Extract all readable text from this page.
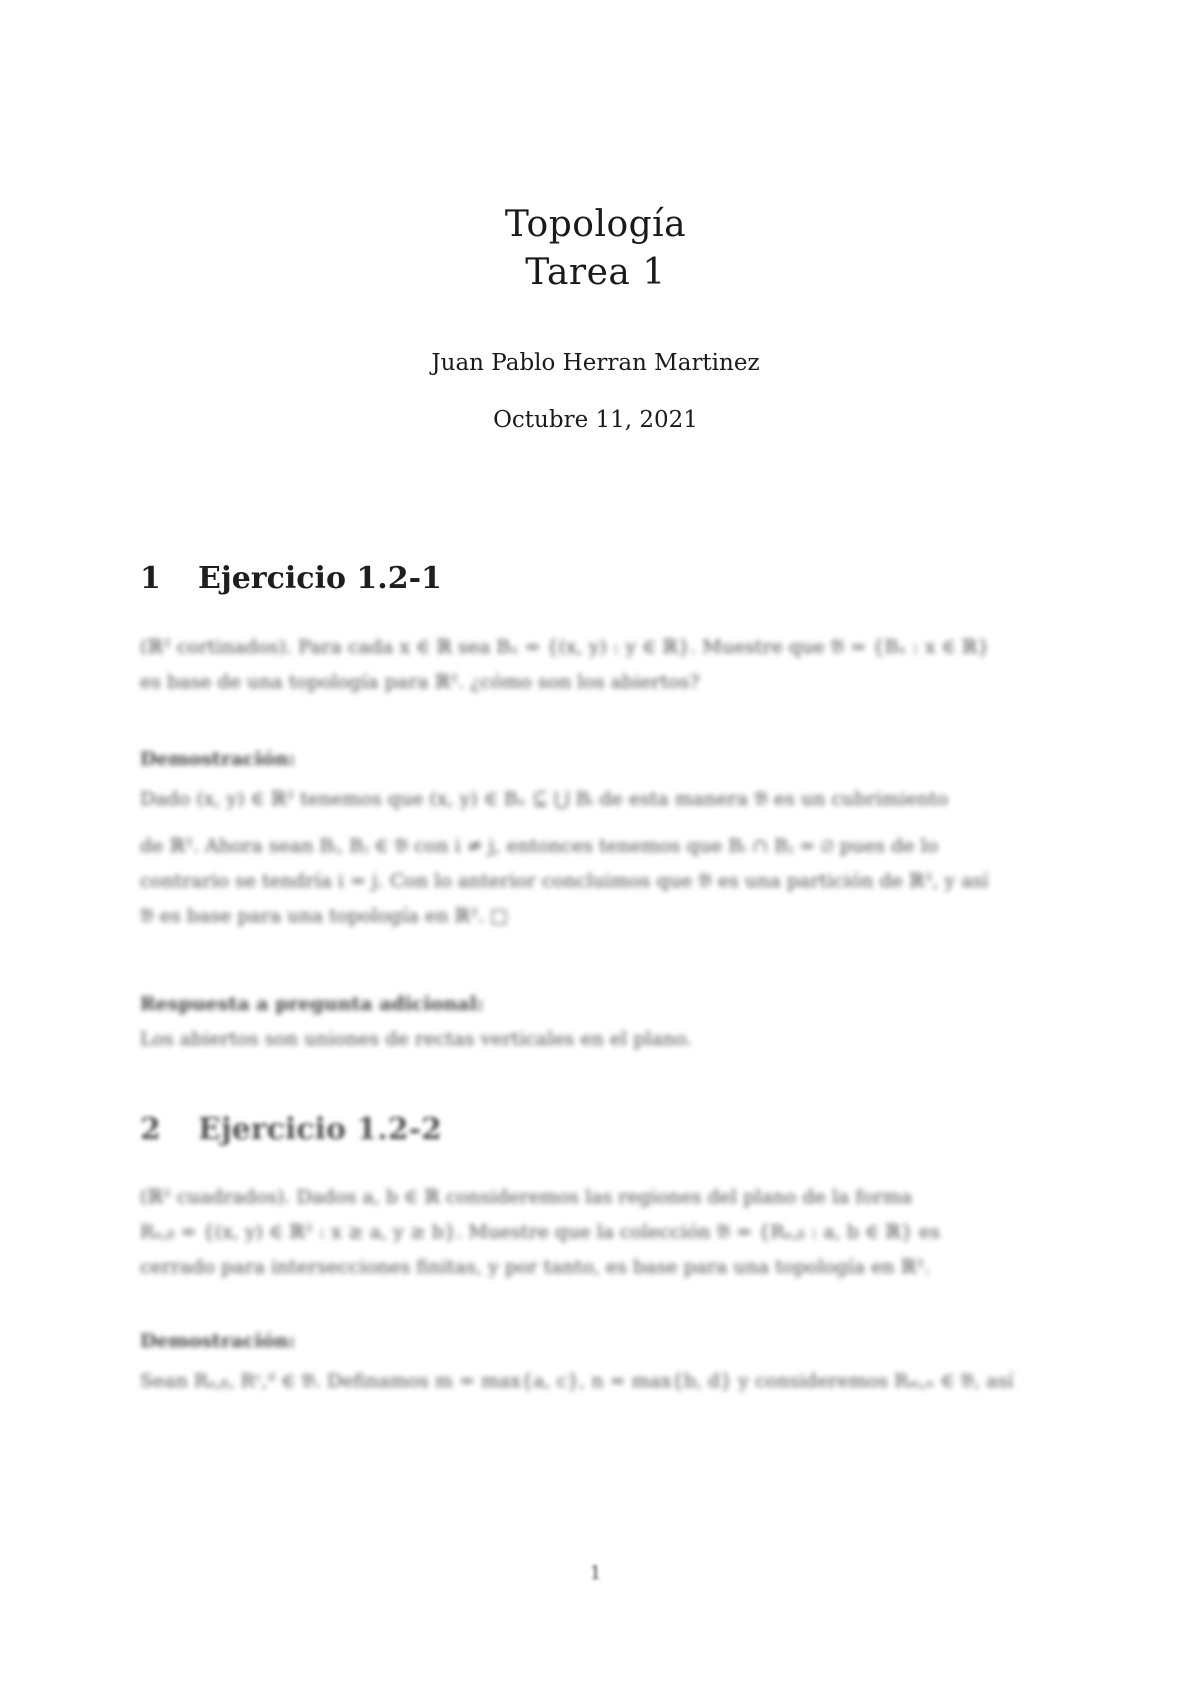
Topología
Tarea 1
Juan Pablo Herran Martinez
Octubre 11, 2021
1 Ejercicio 1.2-1
(ℝ² cortinados). Para cada x ∈ ℝ sea Bₓ = {(x, y) : y ∈ ℝ}. Muestre que 𝔅 = {Bₓ : x ∈ ℝ}
es base de una topología para ℝ². ¿cómo son los abiertos?
Demostración:
Dado (x, y) ∈ ℝ² tenemos que (x, y) ∈ Bₓ ⊆ ⋃ Bᵢ de esta manera 𝔅 es un cubrimiento
de ℝ². Ahora sean Bᵢ, Bⱼ ∈ 𝔅 con i ≠ j, entonces tenemos que Bᵢ ∩ Bⱼ = ∅ pues de lo
contrario se tendría i = j. Con lo anterior concluimos que 𝔅 es una partición de ℝ², y así
𝔅 es base para una topología en ℝ². □
Respuesta a pregunta adicional:
Los abiertos son uniones de rectas verticales en el plano.
2 Ejercicio 1.2-2
(ℝ² cuadrados). Dados a, b ∈ ℝ consideremos las regiones del plano de la forma
Rₐ,ᵦ = {(x, y) ∈ ℝ² : x ≥ a, y ≥ b}. Muestre que la colección 𝔅 = {Rₐ,ᵦ : a, b ∈ ℝ} es
cerrado para intersecciones finitas, y por tanto, es base para una topología en ℝ².
Demostración:
Sean Rₐ,ᵦ, Rᶜ,ᵈ ∈ 𝔅. Definamos m = max{a, c}, n = max{b, d} y consideremos Rₘ,ₙ ∈ 𝔅, así
1
